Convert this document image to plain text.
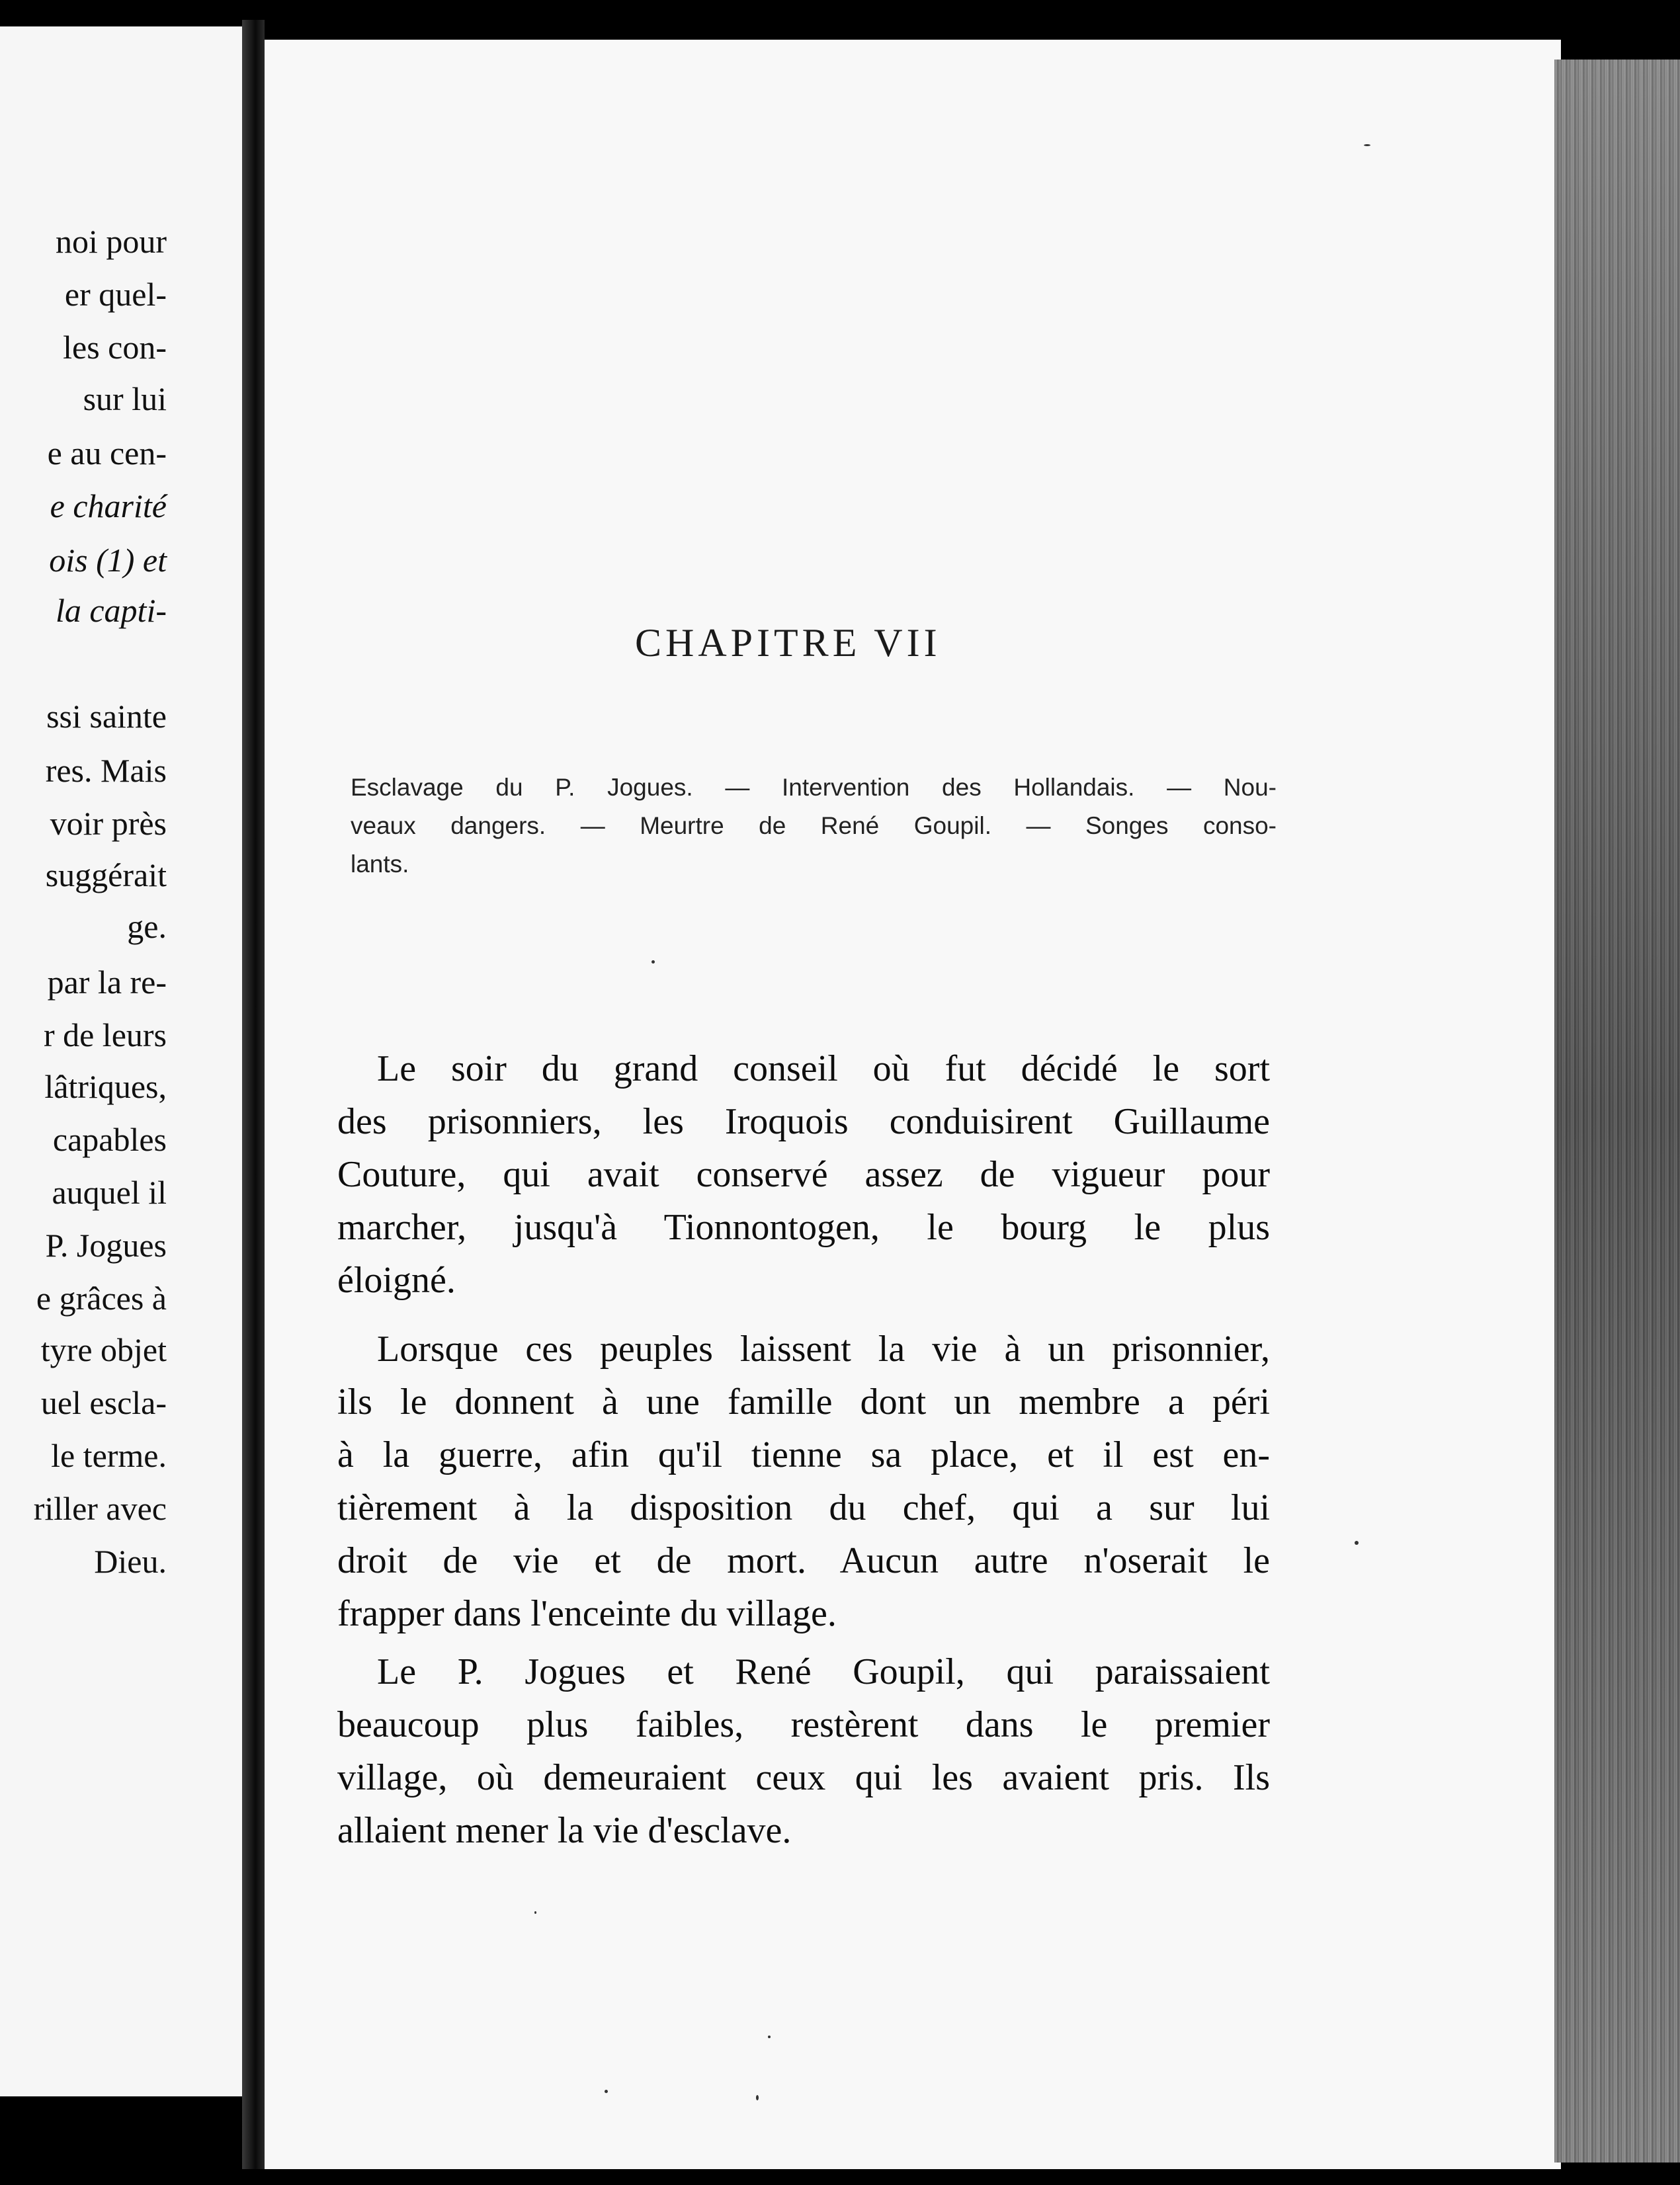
noi pour
er quel-
les con-
sur lui
e au cen-
e charité
ois (1) et
la capti-
ssi sainte
res. Mais
voir près
suggérait
ge.
par la re-
r de leurs
lâtriques,
capables
auquel il
P. Jogues
e grâces à
tyre objet
uel escla-
le terme.
riller avec
Dieu.
CHAPITRE VII
Esclavage du P. Jogues. — Intervention des Hollandais. — Nou-
veaux dangers. — Meurtre de René Goupil. — Songes conso-
lants.
Le soir du grand conseil où fut décidé le sort
des prisonniers, les Iroquois conduisirent Guillaume
Couture, qui avait conservé assez de vigueur pour
marcher, jusqu'à Tionnontogen, le bourg le plus
éloigné.
Lorsque ces peuples laissent la vie à un prisonnier,
ils le donnent à une famille dont un membre a péri
à la guerre, afin qu'il tienne sa place, et il est en-
tièrement à la disposition du chef, qui a sur lui
droit de vie et de mort. Aucun autre n'oserait le
frapper dans l'enceinte du village.
Le P. Jogues et René Goupil, qui paraissaient
beaucoup plus faibles, restèrent dans le premier
village, où demeuraient ceux qui les avaient pris. Ils
allaient mener la vie d'esclave.
